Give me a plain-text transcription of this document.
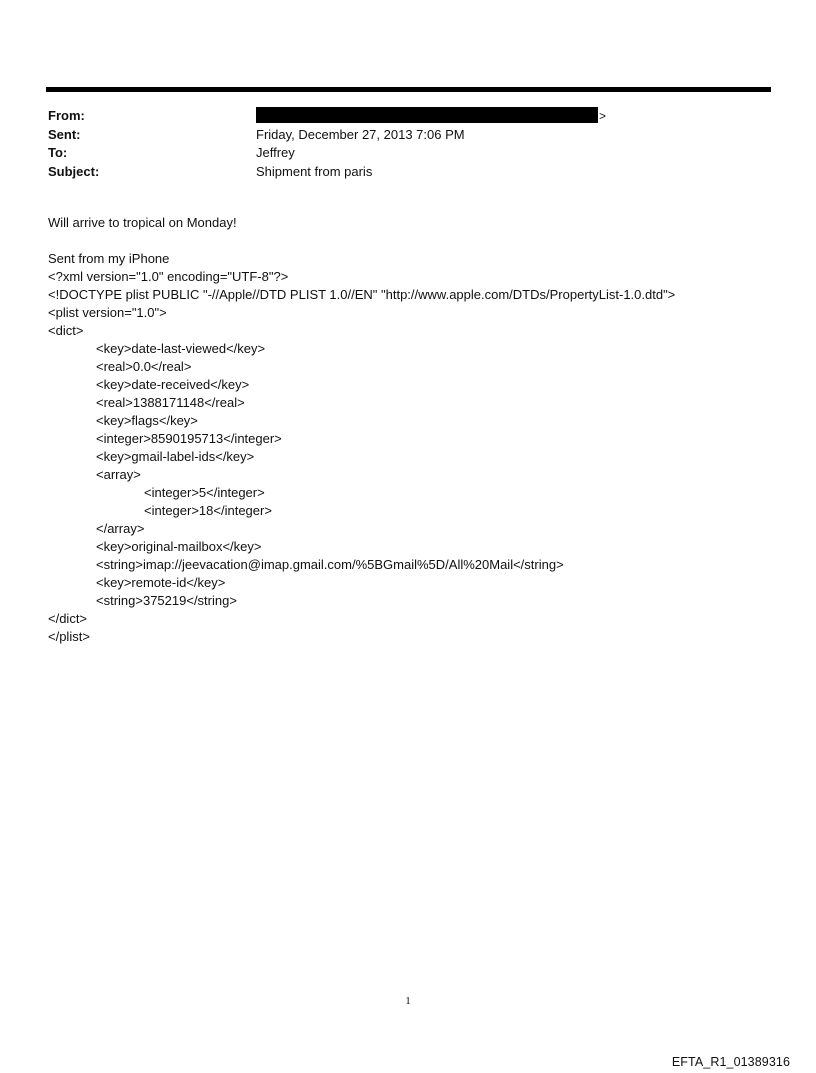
From:	>
Sent:	Friday, December 27, 2013 7:06 PM
To:	Jeffrey
Subject:	Shipment from paris
Will arrive to tropical on Monday!
Sent from my iPhone
<?xml version="1.0" encoding="UTF-8"?>
<!DOCTYPE plist PUBLIC "-//Apple//DTD PLIST 1.0//EN" "http://www.apple.com/DTDs/PropertyList-1.0.dtd">
<plist version="1.0">
<dict>
<key>date-last-viewed</key>
<real>0.0</real>
<key>date-received</key>
<real>1388171148</real>
<key>flags</key>
<integer>8590195713</integer>
<key>gmail-label-ids</key>
<array>
<integer>5</integer>
<integer>18</integer>
</array>
<key>original-mailbox</key>
<string>imap://jeevacation@imap.gmail.com/%5BGmail%5D/All%20Mail</string>
<key>remote-id</key>
<string>375219</string>
</dict>
</plist>
1
EFTA_R1_01389316
